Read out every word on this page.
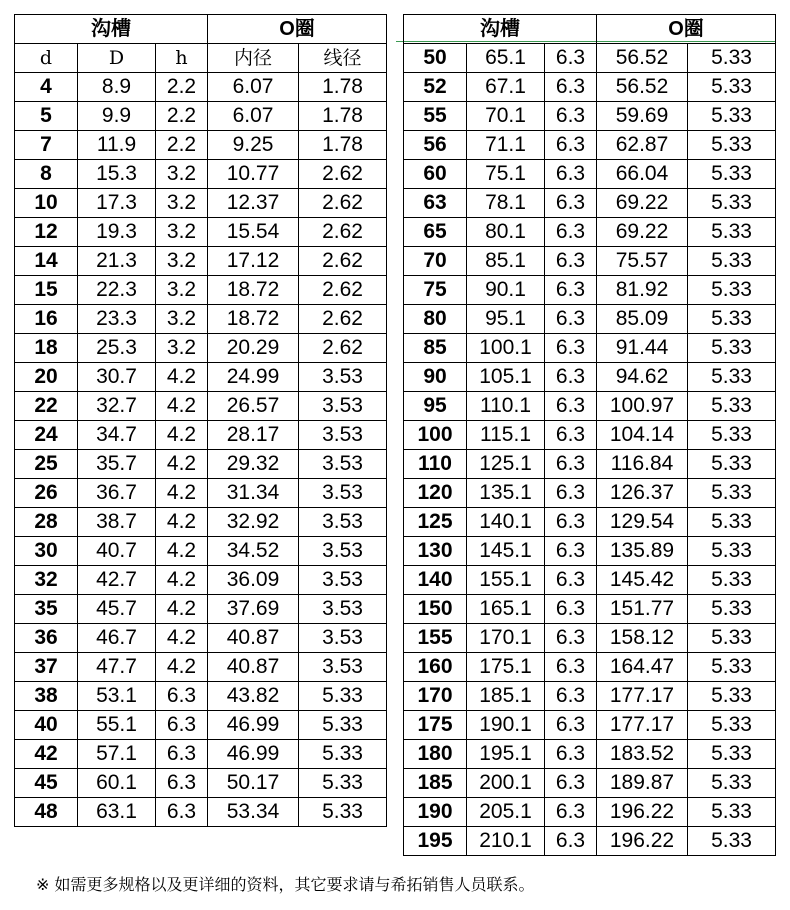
沟槽			O圈	
d	D	h	内径	线径
4	8.9	2.2	6.07	1.78
5	9.9	2.2	6.07	1.78
7	11.9	2.2	9.25	1.78
8	15.3	3.2	10.77	2.62
10	17.3	3.2	12.37	2.62
12	19.3	3.2	15.54	2.62
14	21.3	3.2	17.12	2.62
15	22.3	3.2	18.72	2.62
16	23.3	3.2	18.72	2.62
18	25.3	3.2	20.29	2.62
20	30.7	4.2	24.99	3.53
22	32.7	4.2	26.57	3.53
24	34.7	4.2	28.17	3.53
25	35.7	4.2	29.32	3.53
26	36.7	4.2	31.34	3.53
28	38.7	4.2	32.92	3.53
30	40.7	4.2	34.52	3.53
32	42.7	4.2	36.09	3.53
35	45.7	4.2	37.69	3.53
36	46.7	4.2	40.87	3.53
37	47.7	4.2	40.87	3.53
38	53.1	6.3	43.82	5.33
40	55.1	6.3	46.99	5.33
42	57.1	6.3	46.99	5.33
45	60.1	6.3	50.17	5.33
48	63.1	6.3	53.34	5.33
沟槽			O圈	
50	65.1	6.3	56.52	5.33
52	67.1	6.3	56.52	5.33
55	70.1	6.3	59.69	5.33
56	71.1	6.3	62.87	5.33
60	75.1	6.3	66.04	5.33
63	78.1	6.3	69.22	5.33
65	80.1	6.3	69.22	5.33
70	85.1	6.3	75.57	5.33
75	90.1	6.3	81.92	5.33
80	95.1	6.3	85.09	5.33
85	100.1	6.3	91.44	5.33
90	105.1	6.3	94.62	5.33
95	110.1	6.3	100.97	5.33
100	115.1	6.3	104.14	5.33
110	125.1	6.3	116.84	5.33
120	135.1	6.3	126.37	5.33
125	140.1	6.3	129.54	5.33
130	145.1	6.3	135.89	5.33
140	155.1	6.3	145.42	5.33
150	165.1	6.3	151.77	5.33
155	170.1	6.3	158.12	5.33
160	175.1	6.3	164.47	5.33
170	185.1	6.3	177.17	5.33
175	190.1	6.3	177.17	5.33
180	195.1	6.3	183.52	5.33
185	200.1	6.3	189.87	5.33
190	205.1	6.3	196.22	5.33
195	210.1	6.3	196.22	5.33
※ 如需更多规格以及更详细的资料，其它要求请与希拓销售人员联系。
